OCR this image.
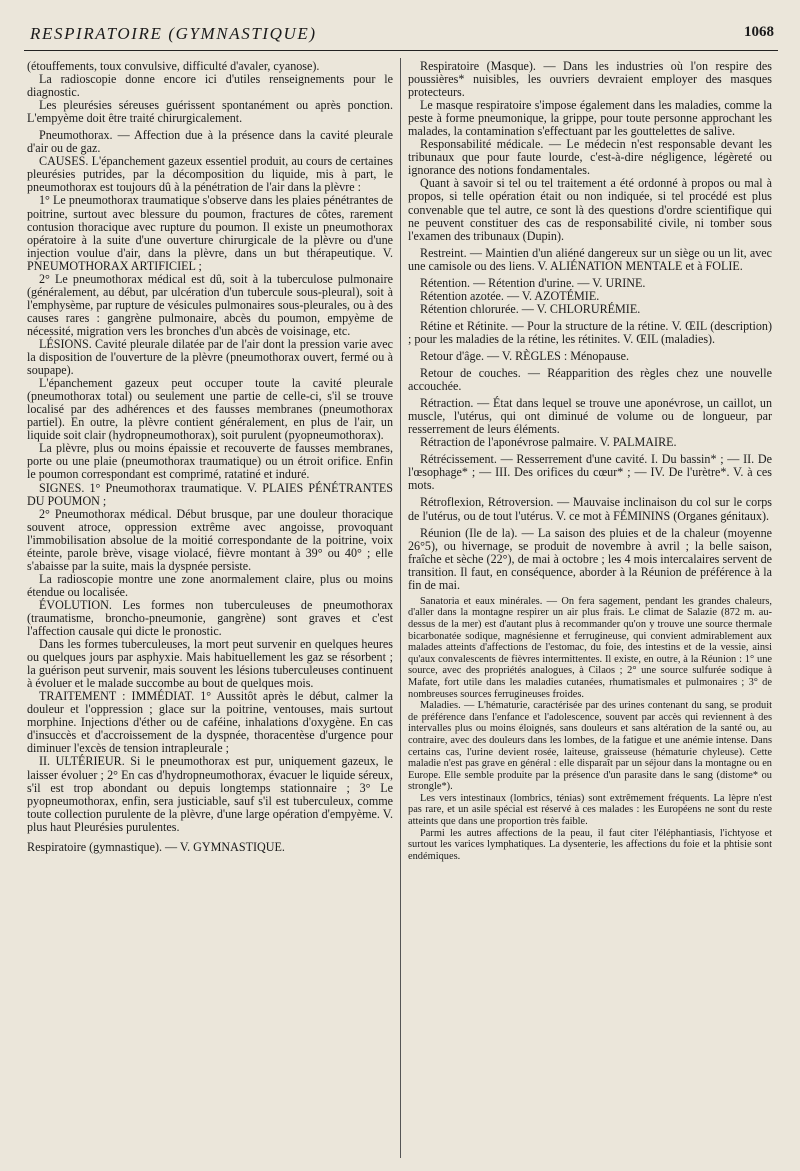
RESPIRATOIRE (GYMNASTIQUE)	1068

(étouffements, toux convulsive, difficulté d'avaler, cyanose).

La radioscopie donne encore ici d'utiles renseignements pour le diagnostic.

Les pleurésies séreuses guérissent spontanément ou après ponction. L'empyème doit être traité chirurgicalement.

Pneumothorax. — Affection due à la présence dans la cavité pleurale d'air ou de gaz.

CAUSES. L'épanchement gazeux essentiel produit, au cours de certaines pleurésies putrides, par la décomposition du liquide, mis à part, le pneumothorax est toujours dû à la pénétration de l'air dans la plèvre :

1° Le pneumothorax traumatique s'observe dans les plaies pénétrantes de poitrine, surtout avec blessure du poumon, fractures de côtes, rarement contusion thoracique avec rupture du poumon. Il existe un pneumothorax opératoire à la suite d'une ouverture chirurgicale de la plèvre ou d'une injection voulue d'air, dans la plèvre, dans un but thérapeutique. V. PNEUMOTHORAX ARTIFICIEL ;

2° Le pneumothorax médical est dû, soit à la tuberculose pulmonaire (généralement, au début, par ulcération d'un tubercule sous-pleural), soit à l'emphysème, par rupture de vésicules pulmonaires sous-pleurales, ou à des causes rares : gangrène pulmonaire, abcès du poumon, empyème de nécessité, migration vers les bronches d'un abcès de voisinage, etc.

LÉSIONS. Cavité pleurale dilatée par de l'air dont la pression varie avec la disposition de l'ouverture de la plèvre (pneumothorax ouvert, fermé ou à soupape).

L'épanchement gazeux peut occuper toute la cavité pleurale (pneumothorax total) ou seulement une partie de celle-ci, s'il se trouve localisé par des adhérences et des fausses membranes (pneumothorax partiel). En outre, la plèvre contient généralement, en plus de l'air, un liquide soit clair (hydropneumothorax), soit purulent (pyopneumothorax).

La plèvre, plus ou moins épaissie et recouverte de fausses membranes, porte ou une plaie (pneumothorax traumatique) ou un étroit orifice. Enfin le poumon correspondant est comprimé, ratatiné et induré.

SIGNES. 1° Pneumothorax traumatique. V. PLAIES PÉNÉTRANTES DU POUMON ;

2° Pneumothorax médical. Début brusque, par une douleur thoracique souvent atroce, oppression extrême avec angoisse, provoquant l'immobilisation absolue de la moitié correspondante de la poitrine, voix éteinte, parole brève, visage violacé, fièvre montant à 39° ou 40° ; elle s'abaisse par la suite, mais la dyspnée persiste.

La radioscopie montre une zone anormalement claire, plus ou moins étendue ou localisée.

ÉVOLUTION. Les formes non tuberculeuses de pneumothorax (traumatisme, broncho-pneumonie, gangrène) sont graves et c'est l'affection causale qui dicte le pronostic.

Dans les formes tuberculeuses, la mort peut survenir en quelques heures ou quelques jours par asphyxie. Mais habituellement les gaz se résorbent ; la guérison peut survenir, mais souvent les lésions tuberculeuses continuent à évoluer et le malade succombe au bout de quelques mois.

TRAITEMENT : IMMÉDIAT. 1° Aussitôt après le début, calmer la douleur et l'oppression ; glace sur la poitrine, ventouses, mais surtout morphine. Injections d'éther ou de caféine, inhalations d'oxygène. En cas d'insuccès et d'accroissement de la dyspnée, thoracentèse d'urgence pour diminuer l'excès de tension intrapleurale ;

II. ULTÉRIEUR. Si le pneumothorax est pur, uniquement gazeux, le laisser évoluer ; 2° En cas d'hydropneumothorax, évacuer le liquide séreux, s'il est trop abondant ou depuis longtemps stationnaire ; 3° Le pyopneumothorax, enfin, sera justiciable, sauf s'il est tuberculeux, comme toute collection purulente de la plèvre, d'une large opération d'empyème. V. plus haut Pleurésies purulentes.

Respiratoire (gymnastique). — V. GYMNASTIQUE.

Respiratoire (Masque). — Dans les industries où l'on respire des poussières* nuisibles, les ouvriers devraient employer des masques protecteurs.

Le masque respiratoire s'impose également dans les maladies, comme la peste à forme pneumonique, la grippe, pour toute personne approchant les malades, la contamination s'effectuant par les gouttelettes de salive.

Responsabilité médicale. — Le médecin n'est responsable devant les tribunaux que pour faute lourde, c'est-à-dire négligence, légèreté ou ignorance des notions fondamentales.

Quant à savoir si tel ou tel traitement a été ordonné à propos ou mal à propos, si telle opération était ou non indiquée, si tel procédé est plus convenable que tel autre, ce sont là des questions d'ordre scientifique qui ne peuvent constituer des cas de responsabilité civile, ni tomber sous l'examen des tribunaux (Dupin).

Restreint. — Maintien d'un aliéné dangereux sur un siège ou un lit, avec une camisole ou des liens. V. ALIÉNATION MENTALE et à FOLIE.

Rétention. — Rétention d'urine. — V. URINE.

Rétention azotée. — V. AZOTÉMIE.

Rétention chlorurée. — V. CHLORURÉMIE.

Rétine et Rétinite. — Pour la structure de la rétine. V. ŒIL (description) ; pour les maladies de la rétine, les rétinites. V. ŒIL (maladies).

Retour d'âge. — V. RÈGLES : Ménopause.

Retour de couches. — Réapparition des règles chez une nouvelle accouchée.

Rétraction. — État dans lequel se trouve une aponévrose, un caillot, un muscle, l'utérus, qui ont diminué de volume ou de longueur, par resserrement de leurs éléments.

Rétraction de l'aponévrose palmaire. V. PALMAIRE.

Rétrécissement. — Resserrement d'une cavité. I. Du bassin* ; — II. De l'œsophage* ; — III. Des orifices du cœur* ; — IV. De l'urètre*. V. à ces mots.

Rétroflexion, Rétroversion. — Mauvaise inclinaison du col sur le corps de l'utérus, ou de tout l'utérus. V. ce mot à FÉMININS (Organes génitaux).

Réunion (Ile de la). — La saison des pluies et de la chaleur (moyenne 26°5), ou hivernage, se produit de novembre à avril ; la belle saison, fraîche et sèche (22°), de mai à octobre ; les 4 mois intercalaires servent de transition. Il faut, en conséquence, aborder à la Réunion de préférence à la fin de mai.

Sanatoria et eaux minérales. — On fera sagement, pendant les grandes chaleurs, d'aller dans la montagne respirer un air plus frais. Le climat de Salazie (872 m. au-dessus de la mer) est d'autant plus à recommander qu'on y trouve une source thermale bicarbonatée sodique, magnésienne et ferrugineuse, qui convient admirablement aux malades atteints d'affections de l'estomac, du foie, des intestins et de la vessie, ainsi qu'aux convalescents de fièvres intermittentes. Il existe, en outre, à la Réunion : 1° une source, avec des propriétés analogues, à Cilaos ; 2° une source sulfurée sodique à Mafate, fort utile dans les maladies cutanées, rhumatismales et pulmonaires ; 3° de nombreuses sources ferrugineuses froides.

Maladies. — L'hématurie, caractérisée par des urines contenant du sang, se produit de préférence dans l'enfance et l'adolescence, souvent par accès qui reviennent à des intervalles plus ou moins éloignés, sans douleurs et sans altération de la santé ou, au contraire, avec des douleurs dans les lombes, de la fatigue et une anémie intense. Dans certains cas, l'urine devient rosée, laiteuse, graisseuse (hématurie chyleuse). Cette maladie n'est pas grave en général : elle disparaît par un séjour dans la montagne ou en Europe. Elle semble produite par la présence d'un parasite dans le sang (distome* ou strongle*).

Les vers intestinaux (lombrics, ténias) sont extrêmement fréquents. La lèpre n'est pas rare, et un asile spécial est réservé à ces malades : les Européens ne sont du reste atteints que dans une proportion très faible.

Parmi les autres affections de la peau, il faut citer l'éléphantiasis, l'ichtyose et surtout les varices lymphatiques. La dysenterie, les affections du foie et la phtisie sont endémiques.
